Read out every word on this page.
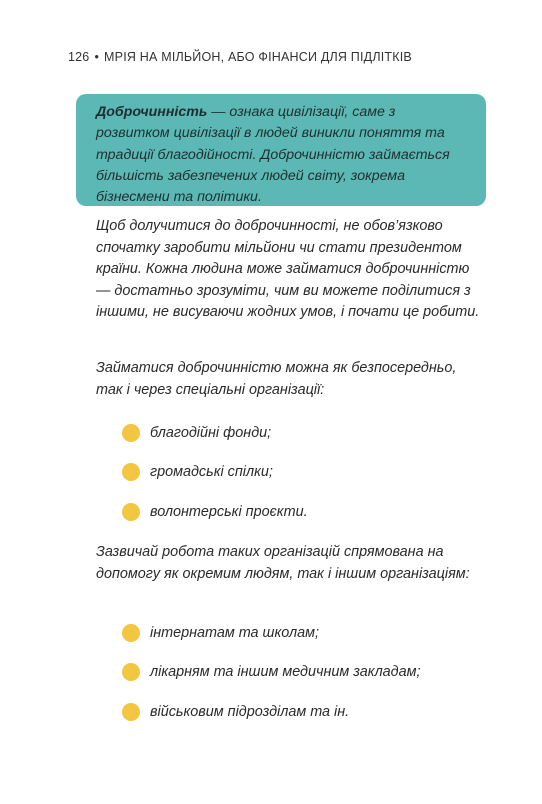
126 • МРІЯ НА МІЛЬЙОН, АБО ФІНАНСИ ДЛЯ ПІДЛІТКІВ

Доброчинність — ознака цивілізації, саме з розвитком цивілізації в людей виникли поняття та традиції благодійності. Доброчинністю займається більшість забезпечених людей світу, зокрема бізнесмени та політики.

Щоб долучитися до доброчинності, не обов’язково спочатку заробити мільйони чи стати президентом країни. Кожна людина може займатися доброчинністю — достатньо зрозуміти, чим ви можете поділитися з іншими, не висуваючи жодних умов, і почати це робити.

Займатися доброчинністю можна як безпосередньо, так і через спеціальні організації:

благодійні фонди;
громадські спілки;
волонтерські проєкти.

Зазвичай робота таких організацій спрямована на допомогу як окремим людям, так і іншим організаціям:

інтернатам та школам;
лікарням та іншим медичним закладам;
військовим підрозділам та ін.
